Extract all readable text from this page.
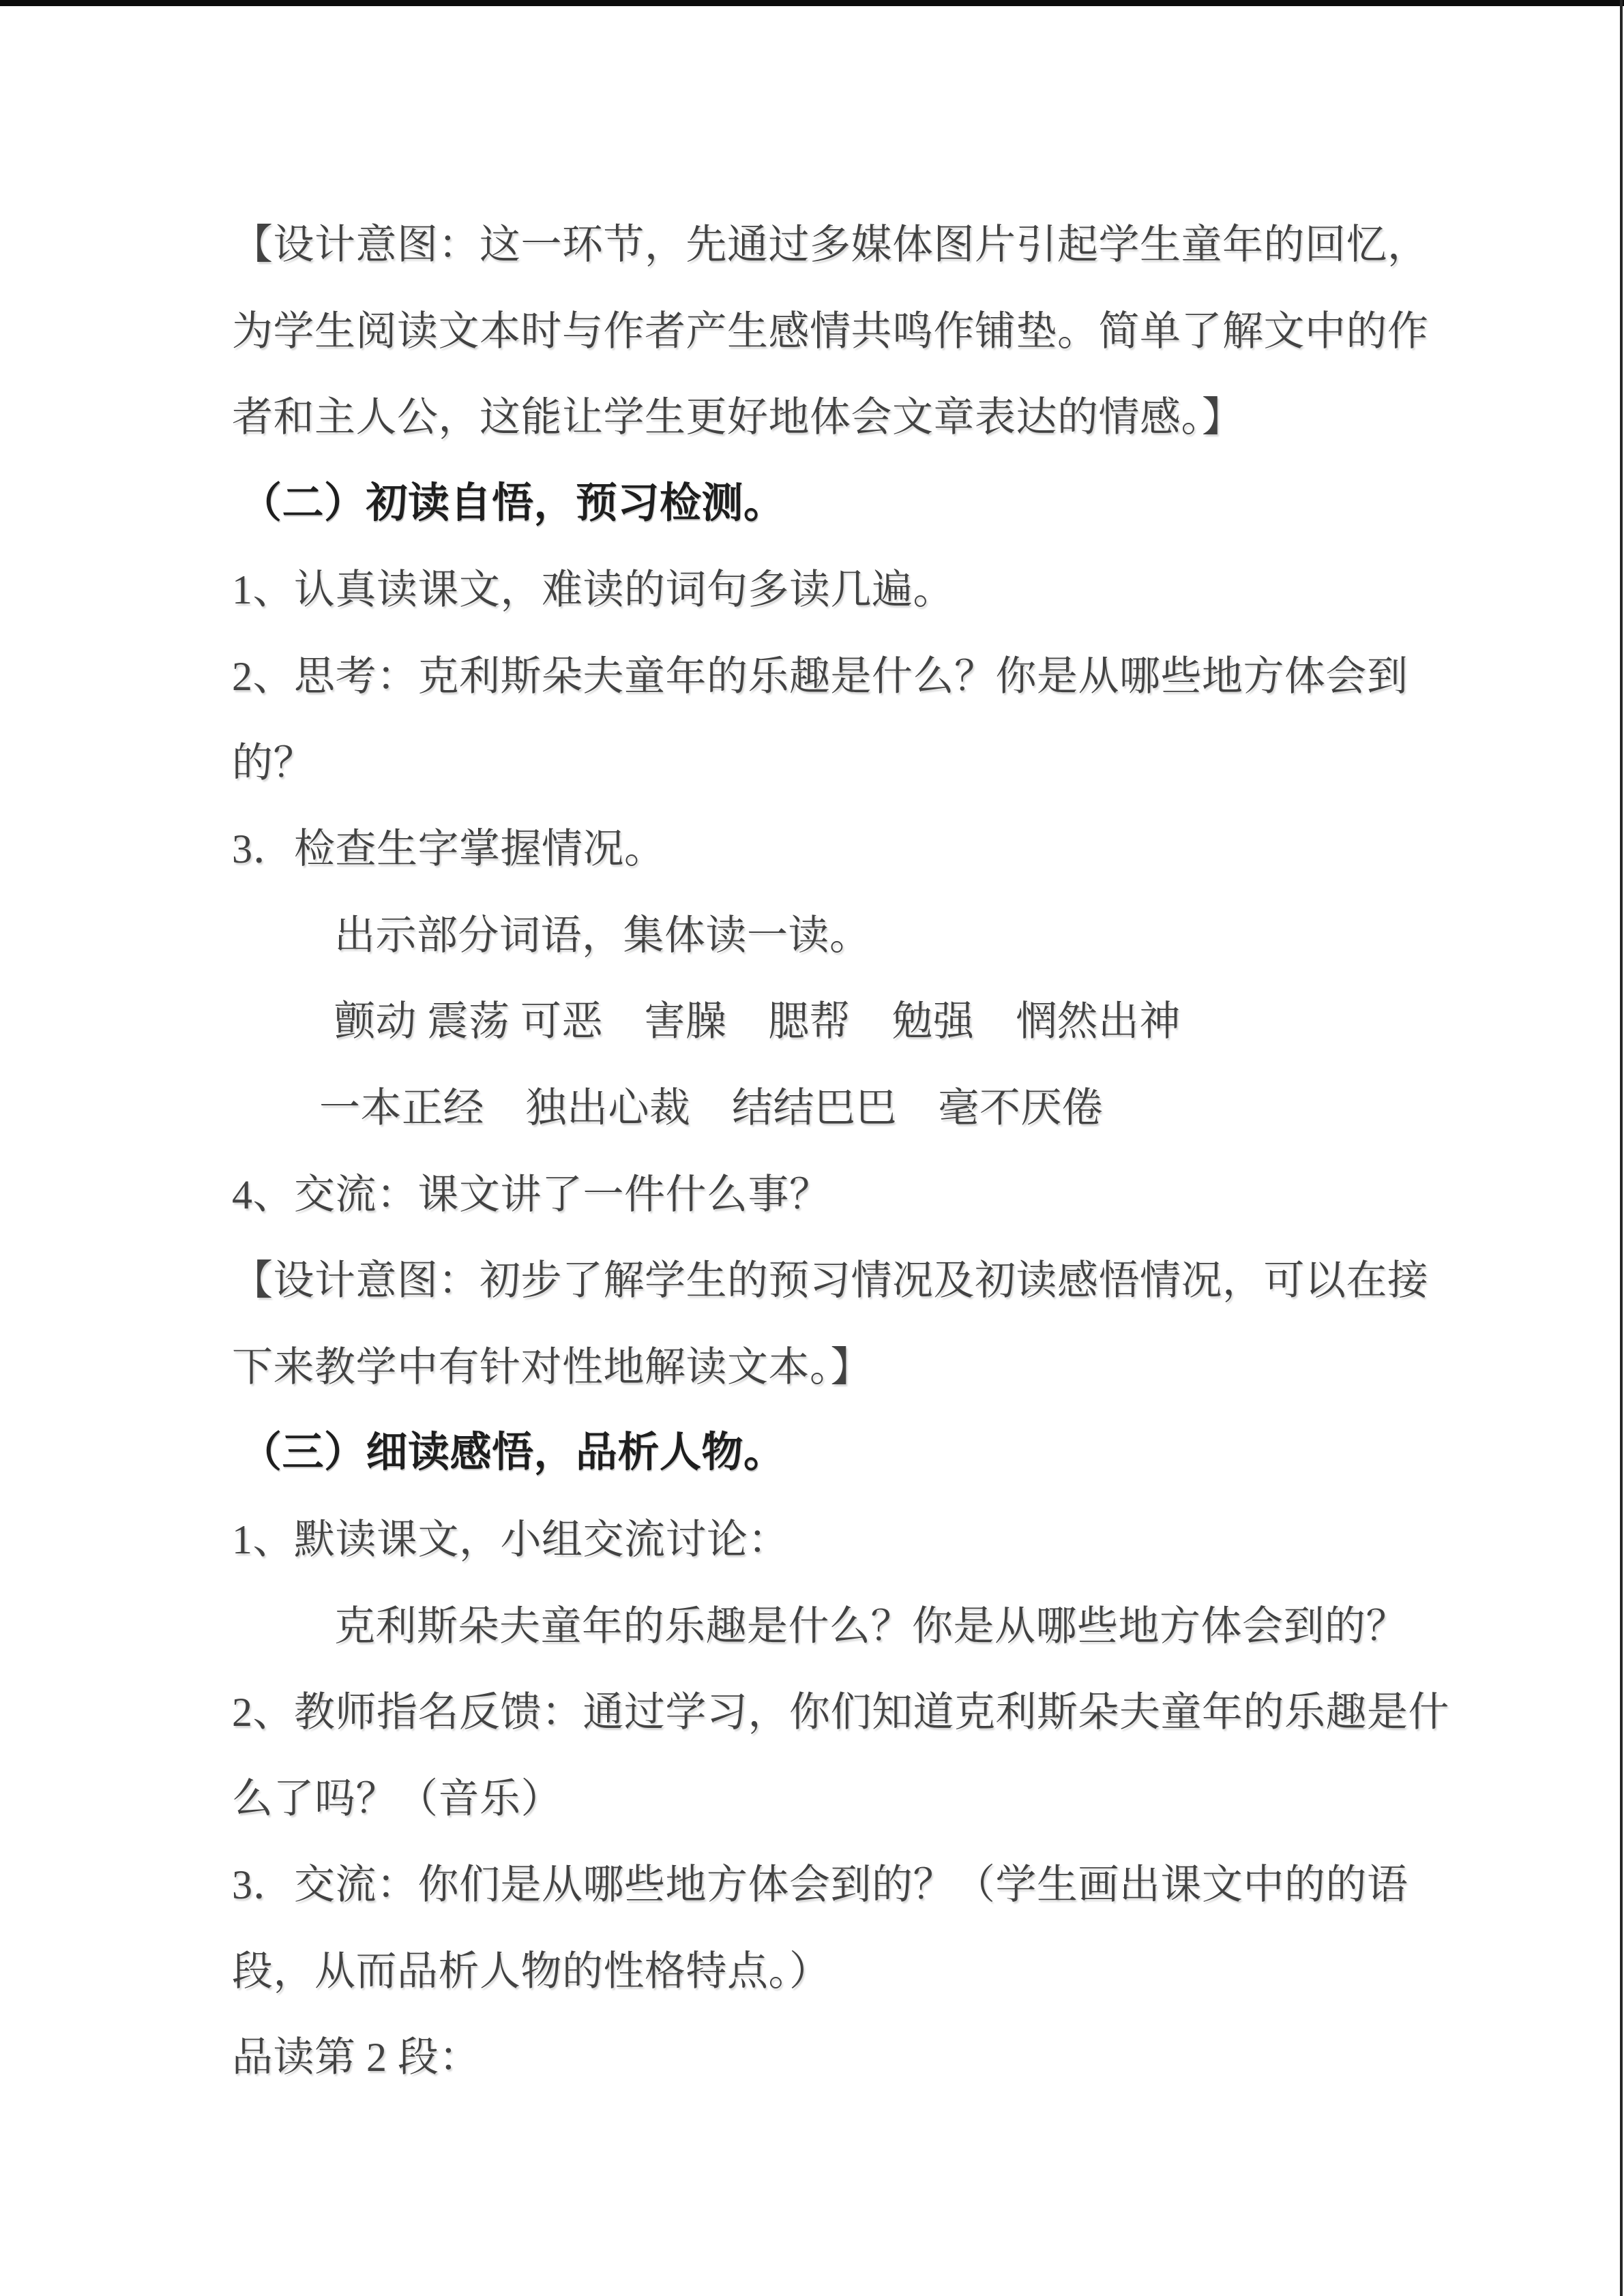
【设计意图：这一环节，先通过多媒体图片引起学生童年的回忆，

为学生阅读文本时与作者产生感情共鸣作铺垫。简单了解文中的作

者和主人公，这能让学生更好地体会文章表达的情感。】

（二）初读自悟，预习检测。

1、认真读课文，难读的词句多读几遍。

2、思考：克利斯朵夫童年的乐趣是什么？你是从哪些地方体会到

的？

3．检查生字掌握情况。

出示部分词语，集体读一读。

颤动 震荡 可恶　害臊　腮帮　勉强　惘然出神

一本正经　独出心裁　结结巴巴　毫不厌倦

4、交流：课文讲了一件什么事？

【设计意图：初步了解学生的预习情况及初读感悟情况，可以在接

下来教学中有针对性地解读文本。】

（三）细读感悟，品析人物。

1、默读课文，小组交流讨论：

克利斯朵夫童年的乐趣是什么？你是从哪些地方体会到的？

2、教师指名反馈：通过学习，你们知道克利斯朵夫童年的乐趣是什

么了吗？（音乐）

3．交流：你们是从哪些地方体会到的？（学生画出课文中的的语

段，从而品析人物的性格特点。）

品读第 2 段：
